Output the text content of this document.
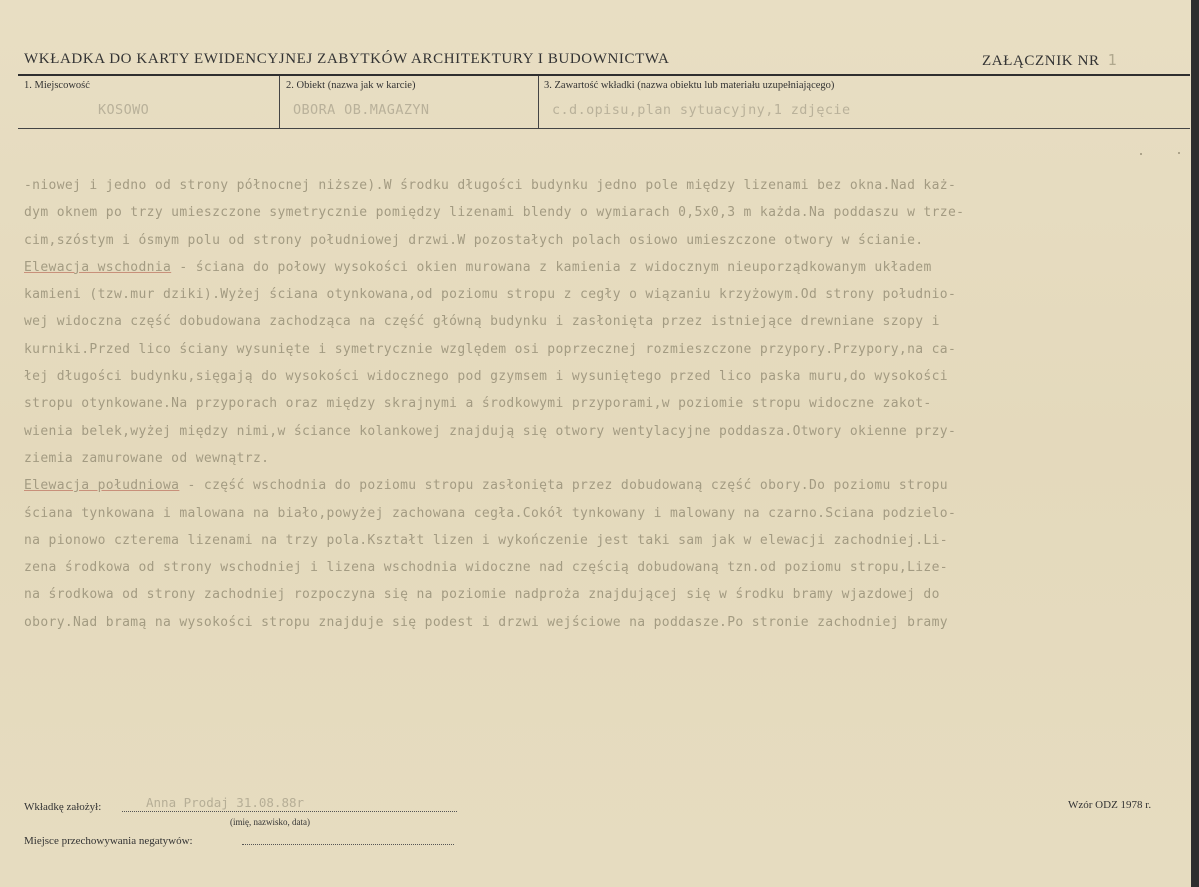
WKŁADKA DO KARTY EWIDENCYJNEJ ZABYTKÓW ARCHITEKTURY I BUDOWNICTWA	ZAŁĄCZNIK NR 1
1. Miejscowość
KOSOWO
2. Obiekt (nazwa jak w karcie)
OBORA OB.MAGAZYN
3. Zawartość wkładki (nazwa obiektu lub materiału uzupełniającego)
c.d.opisu,plan sytuacyjny,1 zdjęcie
-niowej i jedno od strony północnej niższe).W środku długości budynku jedno pole między lizenami bez okna.Nad każ-
dym oknem po trzy umieszczone symetrycznie pomiędzy lizenami blendy o wymiarach 0,5x0,3 m każda.Na poddaszu w trze-
cim,szóstym i ósmym polu od strony południowej drzwi.W pozostałych polach osiowo umieszczone otwory w ścianie.
Elewacja wschodnia - ściana do połowy wysokości okien murowana z kamienia z widocznym nieuporządkowanym układem
kamieni (tzw.mur dziki).Wyżej ściana otynkowana,od poziomu stropu z cegły o wiązaniu krzyżowym.Od strony południo-
wej widoczna część dobudowana zachodząca na część główną budynku i zasłonięta przez istniejące drewniane szopy i
kurniki.Przed lico ściany wysunięte i symetrycznie względem osi poprzecznej rozmieszczone przypory.Przypory,na ca-
łej długości budynku,sięgają do wysokości widocznego pod gzymsem i wysuniętego przed lico paska muru,do wysokości
stropu otynkowane.Na przyporach oraz między skrajnymi a środkowymi przyporami,w poziomie stropu widoczne zakot-
wienia belek,wyżej między nimi,w ściance kolankowej znajdują się otwory wentylacyjne poddasza.Otwory okienne przy-
ziemia zamurowane od wewnątrz.
Elewacja południowa - część wschodnia do poziomu stropu zasłonięta przez dobudowaną część obory.Do poziomu stropu
ściana tynkowana i malowana na biało,powyżej zachowana cegła.Cokół tynkowany i malowany na czarno.Ściana podzielo-
na pionowo czterema lizenami na trzy pola.Kształt lizen i wykończenie jest taki sam jak w elewacji zachodniej.Li-
zena środkowa od strony wschodniej i lizena wschodnia widoczne nad częścią dobudowaną tzn.od poziomu stropu,Lize-
na środkowa od strony zachodniej rozpoczyna się na poziomie nadproża znajdującej się w środku bramy wjazdowej do
obory.Nad bramą na wysokości stropu znajduje się podest i drzwi wejściowe na poddasze.Po stronie zachodniej bramy
Wkładkę założył:	Anna Prodaj 31.08.88r
(imię, nazwisko, data)
Miejsce przechowywania negatywów:
Wzór ODZ 1978 r.
